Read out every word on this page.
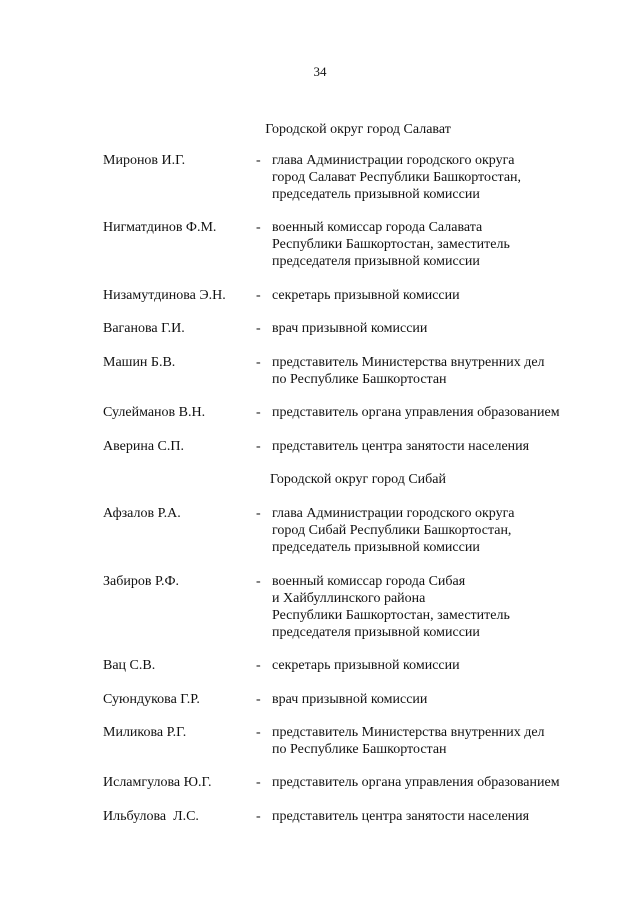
34
Городской округ город Салават
Миронов И.Г.	- глава Администрации городского округа
город Салават Республики Башкортостан,
председатель призывной комиссии
Нигматдинов Ф.М.	- военный комиссар города Салавата
Республики Башкортостан, заместитель
председателя призывной комиссии
Низамутдинова Э.Н. - секретарь призывной комиссии
Ваганова Г.И.	- врач призывной комиссии
Машин Б.В.	- представитель Министерства внутренних дел
по Республике Башкортостан
Сулейманов В.Н.	- представитель органа управления образованием
Аверина С.П.	- представитель центра занятости населения
Городской округ город Сибай
Афзалов Р.А.	- глава Администрации городского округа
город Сибай Республики Башкортостан,
председатель призывной комиссии
Забиров Р.Ф.	- военный комиссар города Сибая
и Хайбуллинского района
Республики Башкортостан, заместитель
председателя призывной комиссии
Вац С.В.	- секретарь призывной комиссии
Суюндукова Г.Р.	- врач призывной комиссии
Миликова Р.Г.	- представитель Министерства внутренних дел
по Республике Башкортостан
Исламгулова Ю.Г.	- представитель органа управления образованием
Ильбулова  Л.С.	- представитель центра занятости населения
